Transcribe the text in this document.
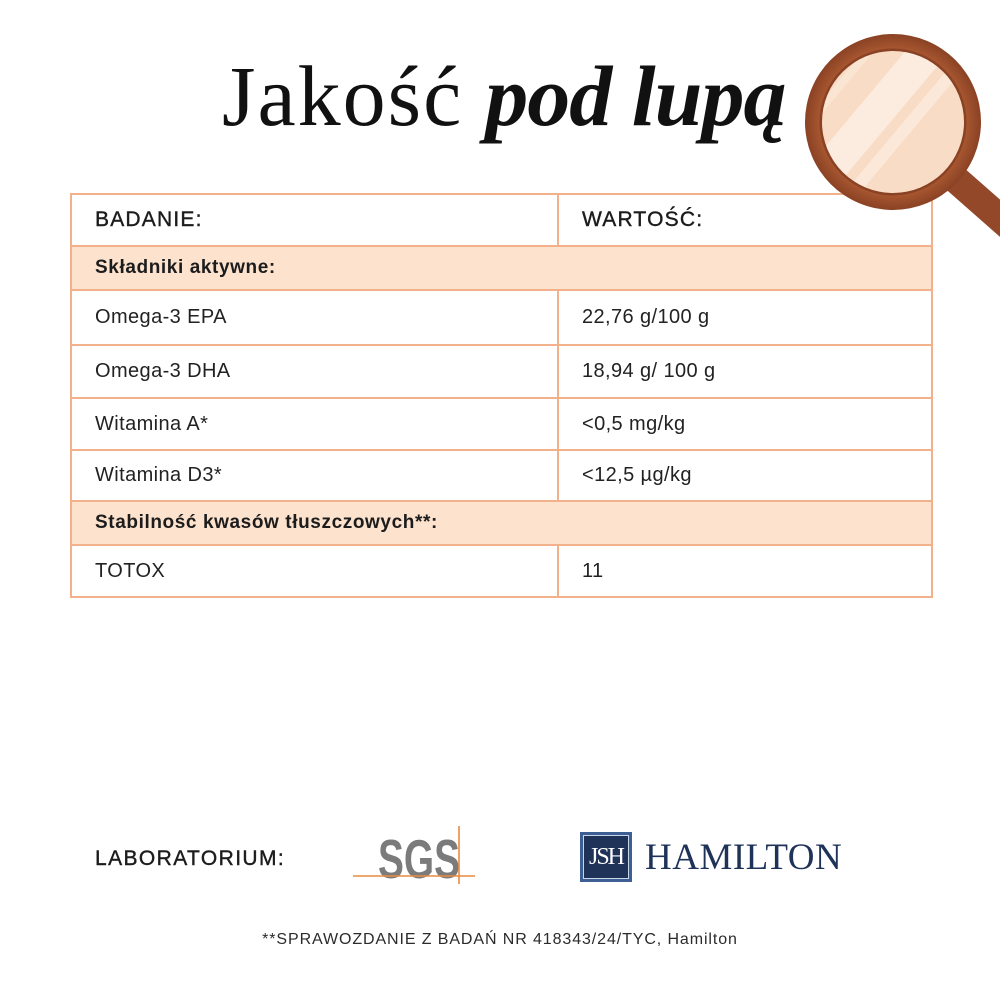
Jakość pod lupą
BADANIE:	WARTOŚĆ:
Składniki aktywne:
Omega-3 EPA	22,76 g/100 g
Omega-3 DHA	18,94 g/ 100 g
Witamina A*	<0,5 mg/kg
Witamina D3*	<12,5 µg/kg
Stabilność kwasów tłuszczowych**:
TOTOX	11
LABORATORIUM: SGS	JSH HAMILTON
**SPRAWOZDANIE Z BADAŃ NR 418343/24/TYC, Hamilton
